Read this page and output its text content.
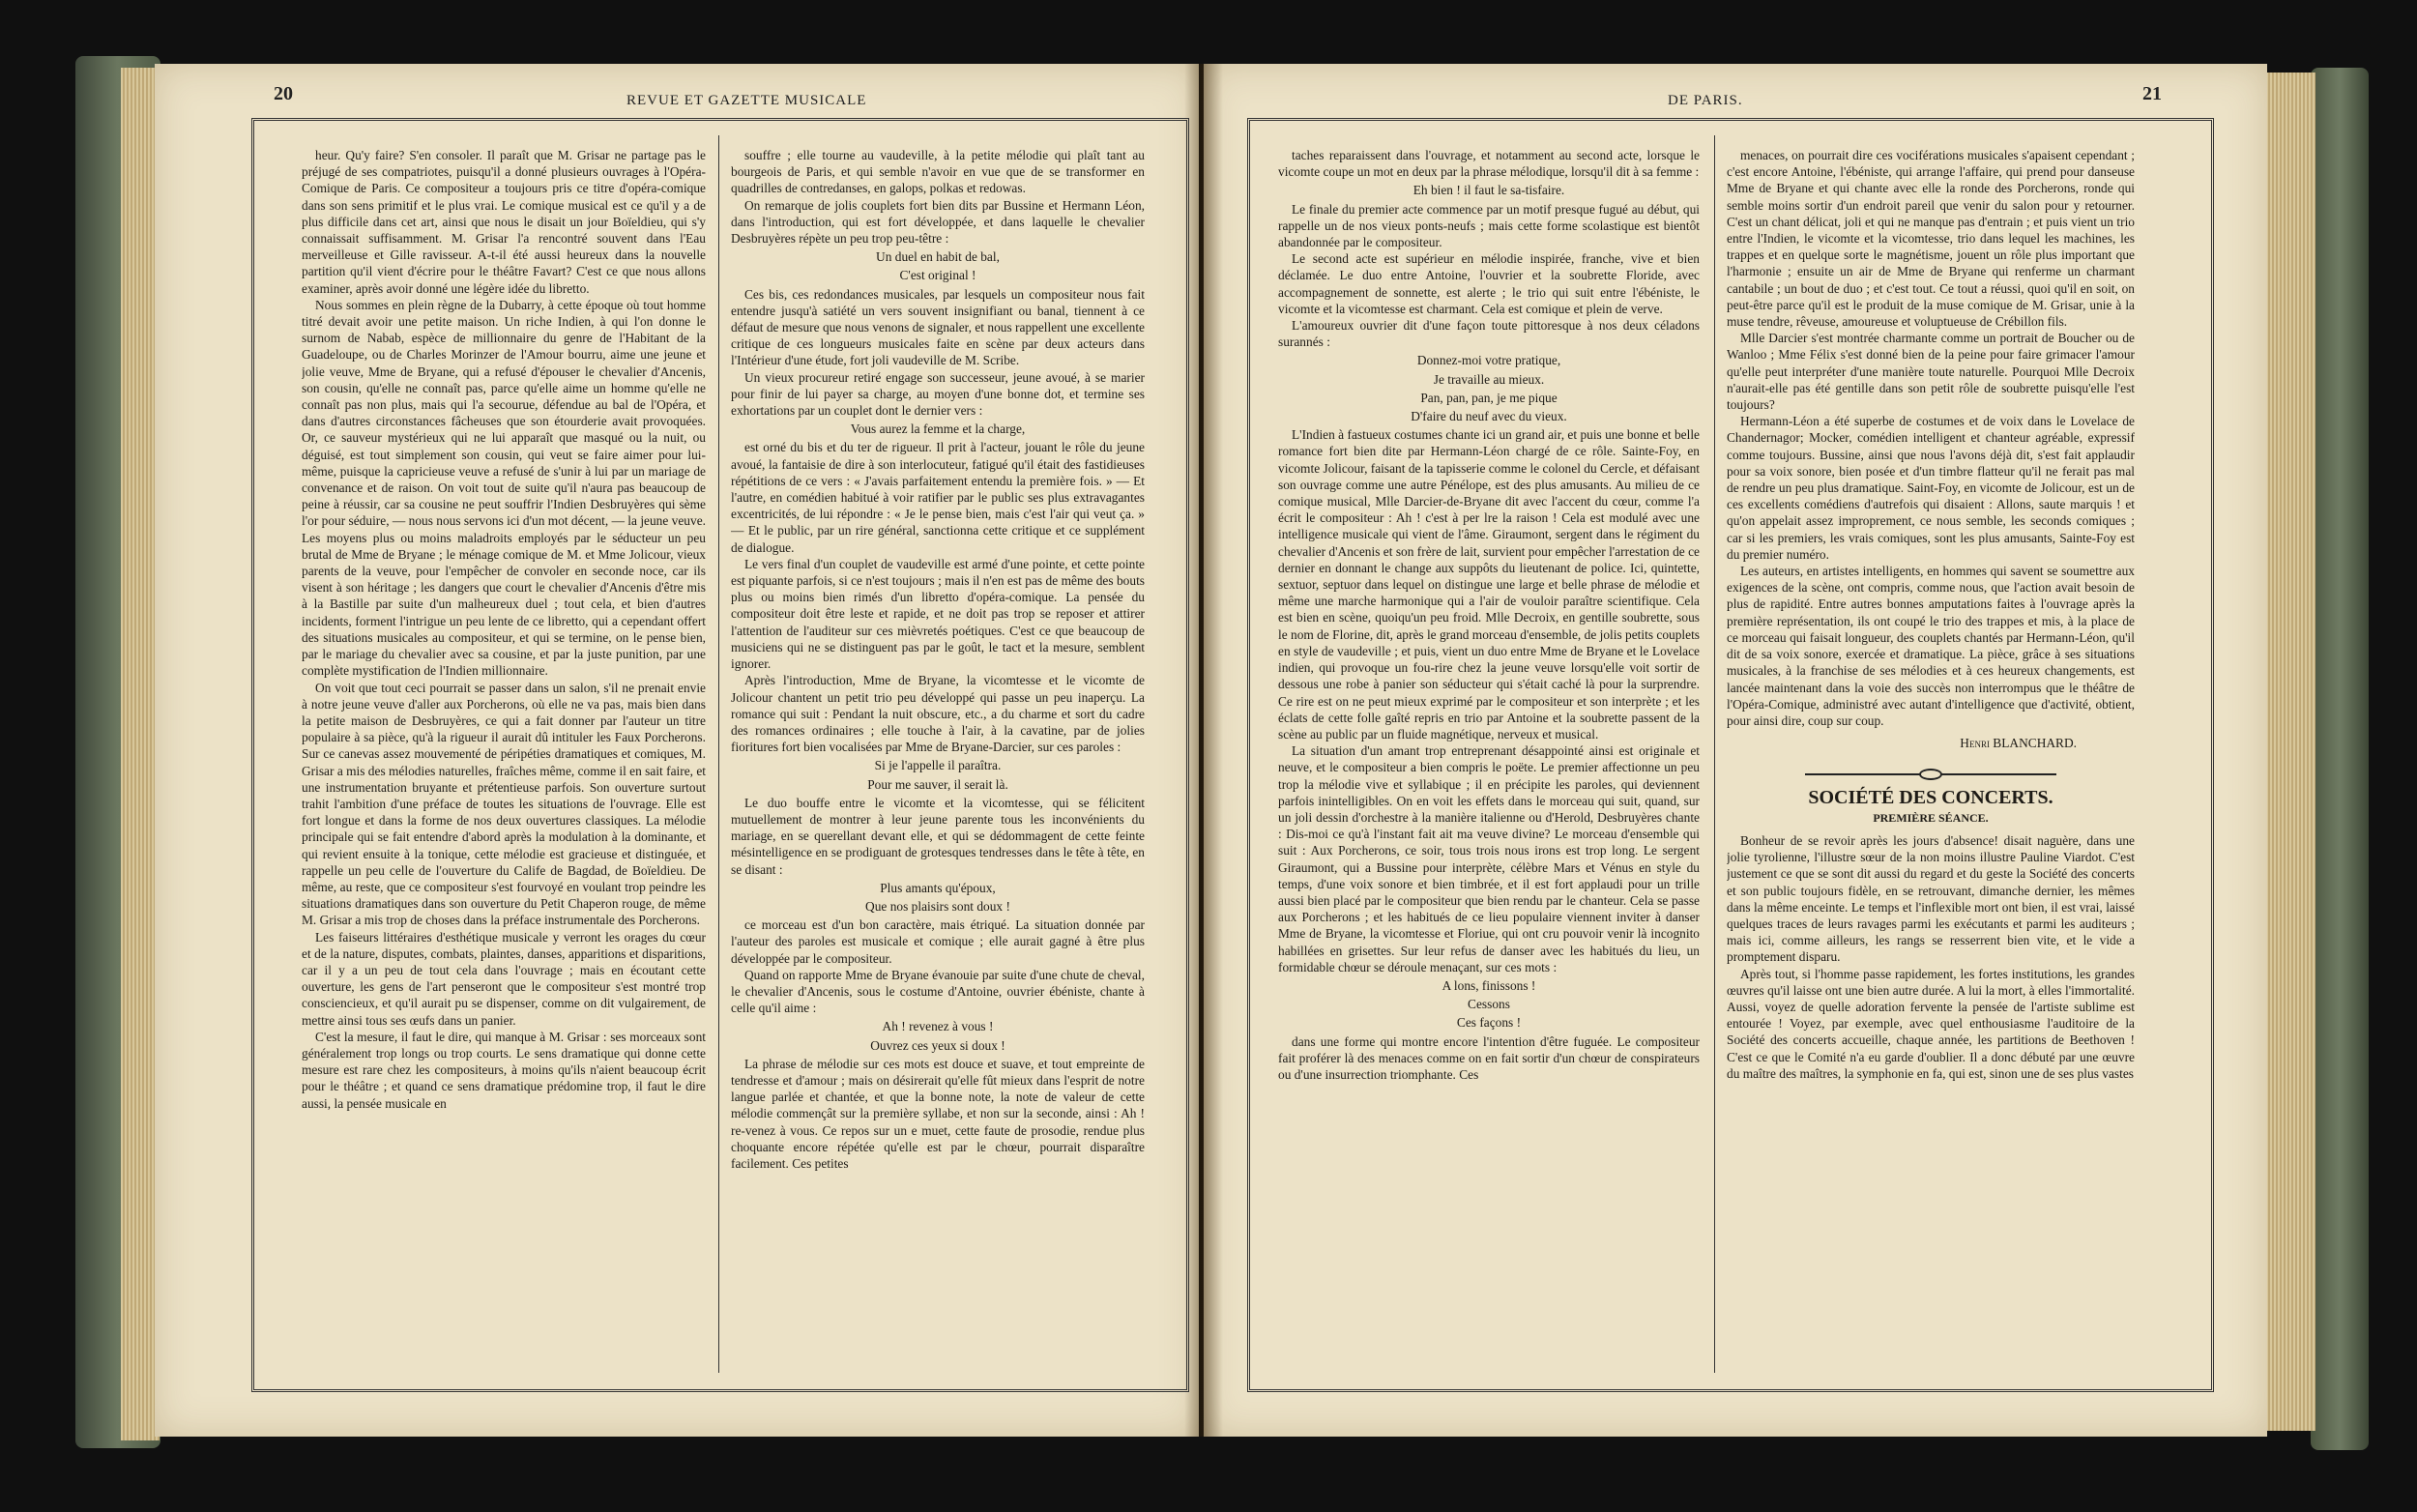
20	REVUE ET GAZETTE MUSICALE	DE PARIS.	21

heur. Qu'y faire? S'en consoler. Il paraît que M. Grisar ne partage pas le préjugé de ses compatriotes, puisqu'il a donné plusieurs ouvrages à l'Opéra-Comique de Paris. Ce compositeur a toujours pris ce titre d'opéra-comique dans son sens primitif et le plus vrai. Le comique musical est ce qu'il y a de plus difficile dans cet art, ainsi que nous le disait un jour Boïeldieu, qui s'y connaissait suffisamment. M. Grisar l'a rencontré souvent dans l'Eau merveilleuse et Gille ravisseur. A-t-il été aussi heureux dans la nouvelle partition qu'il vient d'écrire pour le théâtre Favart? C'est ce que nous allons examiner, après avoir donné une légère idée du libretto.

Nous sommes en plein règne de la Dubarry, à cette époque où tout homme titré devait avoir une petite maison. Un riche Indien, à qui l'on donne le surnom de Nabab, espèce de millionnaire du genre de l'Habitant de la Guadeloupe, ou de Charles Morinzer de l'Amour bourru, aime une jeune et jolie veuve, Mme de Bryane, qui a refusé d'épouser le chevalier d'Ancenis, son cousin, qu'elle ne connaît pas, parce qu'elle aime un homme qu'elle ne connaît pas non plus, mais qui l'a secourue, défendue au bal de l'Opéra, et dans d'autres circonstances fâcheuses que son étourderie avait provoquées. Or, ce sauveur mystérieux qui ne lui apparaît que masqué ou la nuit, ou déguisé, est tout simplement son cousin, qui veut se faire aimer pour lui-même, puisque la capricieuse veuve a refusé de s'unir à lui par un mariage de convenance et de raison. On voit tout de suite qu'il n'aura pas beaucoup de peine à réussir, car sa cousine ne peut souffrir l'Indien Desbruyères qui sème l'or pour séduire, — nous nous servons ici d'un mot décent, — la jeune veuve. Les moyens plus ou moins maladroits employés par le séducteur un peu brutal de Mme de Bryane ; le ménage comique de M. et Mme Jolicour, vieux parents de la veuve, pour l'empêcher de convoler en seconde noce, car ils visent à son héritage ; les dangers que court le chevalier d'Ancenis d'être mis à la Bastille par suite d'un malheureux duel ; tout cela, et bien d'autres incidents, forment l'intrigue un peu lente de ce libretto, qui a cependant offert des situations musicales au compositeur, et qui se termine, on le pense bien, par le mariage du chevalier avec sa cousine, et par la juste punition, par une complète mystification de l'Indien millionnaire.

On voit que tout ceci pourrait se passer dans un salon, s'il ne prenait envie à notre jeune veuve d'aller aux Porcherons, où elle ne va pas, mais bien dans la petite maison de Desbruyères, ce qui a fait donner par l'auteur un titre populaire à sa pièce, qu'à la rigueur il aurait dû intituler les Faux Porcherons. Sur ce canevas assez mouvementé de péripéties dramatiques et comiques, M. Grisar a mis des mélodies naturelles, fraîches même, comme il en sait faire, et une instrumentation bruyante et prétentieuse parfois. Son ouverture surtout trahit l'ambition d'une préface de toutes les situations de l'ouvrage. Elle est fort longue et dans la forme de nos deux ouvertures classiques. La mélodie principale qui se fait entendre d'abord après la modulation à la dominante, et qui revient ensuite à la tonique, cette mélodie est gracieuse et distinguée, et rappelle un peu celle de l'ouverture du Calife de Bagdad, de Boïeldieu. De même, au reste, que ce compositeur s'est fourvoyé en voulant trop peindre les situations dramatiques dans son ouverture du Petit Chaperon rouge, de même M. Grisar a mis trop de choses dans la préface instrumentale des Porcherons.

Les faiseurs littéraires d'esthétique musicale y verront les orages du cœur et de la nature, disputes, combats, plaintes, danses, apparitions et disparitions, car il y a un peu de tout cela dans l'ouvrage ; mais en écoutant cette ouverture, les gens de l'art penseront que le compositeur s'est montré trop consciencieux, et qu'il aurait pu se dispenser, comme on dit vulgairement, de mettre ainsi tous ses œufs dans un panier.

C'est la mesure, il faut le dire, qui manque à M. Grisar : ses morceaux sont généralement trop longs ou trop courts. Le sens dramatique qui donne cette mesure est rare chez les compositeurs, à moins qu'ils n'aient beaucoup écrit pour le théâtre ; et quand ce sens dramatique prédomine trop, il faut le dire aussi, la pensée musicale en

souffre ; elle tourne au vaudeville, à la petite mélodie qui plaît tant au bourgeois de Paris, et qui semble n'avoir en vue que de se transformer en quadrilles de contredanses, en galops, polkas et redowas.

On remarque de jolis couplets fort bien dits par Bussine et Hermann Léon, dans l'introduction, qui est fort développée, et dans laquelle le chevalier Desbruyères répète un peu trop peu-têtre :

Un duel en habit de bal,

C'est original !

Ces bis, ces redondances musicales, par lesquels un compositeur nous fait entendre jusqu'à satiété un vers souvent insignifiant ou banal, tiennent à ce défaut de mesure que nous venons de signaler, et nous rappellent une excellente critique de ces longueurs musicales faite en scène par deux acteurs dans l'Intérieur d'une étude, fort joli vaudeville de M. Scribe.

Un vieux procureur retiré engage son successeur, jeune avoué, à se marier pour finir de lui payer sa charge, au moyen d'une bonne dot, et termine ses exhortations par un couplet dont le dernier vers :

Vous aurez la femme et la charge,

est orné du bis et du ter de rigueur. Il prit à l'acteur, jouant le rôle du jeune avoué, la fantaisie de dire à son interlocuteur, fatigué qu'il était des fastidieuses répétitions de ce vers : « J'avais parfaitement entendu la première fois. » — Et l'autre, en comédien habitué à voir ratifier par le public ses plus extravagantes excentricités, de lui répondre : « Je le pense bien, mais c'est l'air qui veut ça. » — Et le public, par un rire général, sanctionna cette critique et ce supplément de dialogue.

Le vers final d'un couplet de vaudeville est armé d'une pointe, et cette pointe est piquante parfois, si ce n'est toujours ; mais il n'en est pas de même des bouts plus ou moins bien rimés d'un libretto d'opéra-comique. La pensée du compositeur doit être leste et rapide, et ne doit pas trop se reposer et attirer l'attention de l'auditeur sur ces mièvretés poétiques. C'est ce que beaucoup de musiciens qui ne se distinguent pas par le goût, le tact et la mesure, semblent ignorer.

Après l'introduction, Mme de Bryane, la vicomtesse et le vicomte de Jolicour chantent un petit trio peu développé qui passe un peu inaperçu. La romance qui suit : Pendant la nuit obscure, etc., a du charme et sort du cadre des romances ordinaires ; elle touche à l'air, à la cavatine, par de jolies fioritures fort bien vocalisées par Mme de Bryane-Darcier, sur ces paroles :

Si je l'appelle il paraîtra.

Pour me sauver, il serait là.

Le duo bouffe entre le vicomte et la vicomtesse, qui se félicitent mutuellement de montrer à leur jeune parente tous les inconvénients du mariage, en se querellant devant elle, et qui se dédommagent de cette feinte mésintelligence en se prodiguant de grotesques tendresses dans le tête à tête, en se disant :

Plus amants qu'époux,

Que nos plaisirs sont doux !

ce morceau est d'un bon caractère, mais étriqué. La situation donnée par l'auteur des paroles est musicale et comique ; elle aurait gagné à être plus développée par le compositeur.

Quand on rapporte Mme de Bryane évanouie par suite d'une chute de cheval, le chevalier d'Ancenis, sous le costume d'Antoine, ouvrier ébéniste, chante à celle qu'il aime :

Ah ! revenez à vous !

Ouvrez ces yeux si doux !

La phrase de mélodie sur ces mots est douce et suave, et tout empreinte de tendresse et d'amour ; mais on désirerait qu'elle fût mieux dans l'esprit de notre langue parlée et chantée, et que la bonne note, la note de valeur de cette mélodie commençât sur la première syllabe, et non sur la seconde, ainsi : Ah ! re-venez à vous. Ce repos sur un e muet, cette faute de prosodie, rendue plus choquante encore répétée qu'elle est par le chœur, pourrait disparaître facilement. Ces petites

taches reparaissent dans l'ouvrage, et notamment au second acte, lorsque le vicomte coupe un mot en deux par la phrase mélodique, lorsqu'il dit à sa femme :

Eh bien ! il faut le sa-tisfaire.

Le finale du premier acte commence par un motif presque fugué au début, qui rappelle un de nos vieux ponts-neufs ; mais cette forme scolastique est bientôt abandonnée par le compositeur.

Le second acte est supérieur en mélodie inspirée, franche, vive et bien déclamée. Le duo entre Antoine, l'ouvrier et la soubrette Floride, avec accompagnement de sonnette, est alerte ; le trio qui suit entre l'ébéniste, le vicomte et la vicomtesse est charmant. Cela est comique et plein de verve.

L'amoureux ouvrier dit d'une façon toute pittoresque à nos deux céladons surannés :

Donnez-moi votre pratique,

Je travaille au mieux.

Pan, pan, pan, je me pique

D'faire du neuf avec du vieux.

L'Indien à fastueux costumes chante ici un grand air, et puis une bonne et belle romance fort bien dite par Hermann-Léon chargé de ce rôle. Sainte-Foy, en vicomte Jolicour, faisant de la tapisserie comme le colonel du Cercle, et défaisant son ouvrage comme une autre Pénélope, est des plus amusants. Au milieu de ce comique musical, Mlle Darcier-de-Bryane dit avec l'accent du cœur, comme l'a écrit le compositeur : Ah ! c'est à per lre la raison ! Cela est modulé avec une intelligence musicale qui vient de l'âme. Giraumont, sergent dans le régiment du chevalier d'Ancenis et son frère de lait, survient pour empêcher l'arrestation de ce dernier en donnant le change aux suppôts du lieutenant de police. Ici, quintette, sextuor, septuor dans lequel on distingue une large et belle phrase de mélodie et même une marche harmonique qui a l'air de vouloir paraître scientifique. Cela est bien en scène, quoiqu'un peu froid. Mlle Decroix, en gentille soubrette, sous le nom de Florine, dit, après le grand morceau d'ensemble, de jolis petits couplets en style de vaudeville ; et puis, vient un duo entre Mme de Bryane et le Lovelace indien, qui provoque un fou-rire chez la jeune veuve lorsqu'elle voit sortir de dessous une robe à panier son séducteur qui s'était caché là pour la surprendre. Ce rire est on ne peut mieux exprimé par le compositeur et son interprète ; et les éclats de cette folle gaîté repris en trio par Antoine et la soubrette passent de la scène au public par un fluide magnétique, nerveux et musical.

La situation d'un amant trop entreprenant désappointé ainsi est originale et neuve, et le compositeur a bien compris le poëte. Le premier affectionne un peu trop la mélodie vive et syllabique ; il en précipite les paroles, qui deviennent parfois inintelligibles. On en voit les effets dans le morceau qui suit, quand, sur un joli dessin d'orchestre à la manière italienne ou d'Herold, Desbruyères chante : Dis-moi ce qu'à l'instant fait ait ma veuve divine? Le morceau d'ensemble qui suit : Aux Porcherons, ce soir, tous trois nous irons est trop long. Le sergent Giraumont, qui a Bussine pour interprète, célèbre Mars et Vénus en style du temps, d'une voix sonore et bien timbrée, et il est fort applaudi pour un trille aussi bien placé par le compositeur que bien rendu par le chanteur. Cela se passe aux Porcherons ; et les habitués de ce lieu populaire viennent inviter à danser Mme de Bryane, la vicomtesse et Floriue, qui ont cru pouvoir venir là incognito habillées en grisettes. Sur leur refus de danser avec les habitués du lieu, un formidable chœur se déroule menaçant, sur ces mots :

A lons, finissons !

Cessons

Ces façons !

dans une forme qui montre encore l'intention d'être fuguée. Le compositeur fait proférer là des menaces comme on en fait sortir d'un chœur de conspirateurs ou d'une insurrection triomphante. Ces

menaces, on pourrait dire ces vociférations musicales s'apaisent cependant ; c'est encore Antoine, l'ébéniste, qui arrange l'affaire, qui prend pour danseuse Mme de Bryane et qui chante avec elle la ronde des Porcherons, ronde qui semble moins sortir d'un endroit pareil que venir du salon pour y retourner. C'est un chant délicat, joli et qui ne manque pas d'entrain ; et puis vient un trio entre l'Indien, le vicomte et la vicomtesse, trio dans lequel les machines, les trappes et en quelque sorte le magnétisme, jouent un rôle plus important que l'harmonie ; ensuite un air de Mme de Bryane qui renferme un charmant cantabile ; un bout de duo ; et c'est tout. Ce tout a réussi, quoi qu'il en soit, on peut-être parce qu'il est le produit de la muse comique de M. Grisar, unie à la muse tendre, rêveuse, amoureuse et voluptueuse de Crébillon fils.

Mlle Darcier s'est montrée charmante comme un portrait de Boucher ou de Wanloo ; Mme Félix s'est donné bien de la peine pour faire grimacer l'amour qu'elle peut interpréter d'une manière toute naturelle. Pourquoi Mlle Decroix n'aurait-elle pas été gentille dans son petit rôle de soubrette puisqu'elle l'est toujours?

Hermann-Léon a été superbe de costumes et de voix dans le Lovelace de Chandernagor; Mocker, comédien intelligent et chanteur agréable, expressif comme toujours. Bussine, ainsi que nous l'avons déjà dit, s'est fait applaudir pour sa voix sonore, bien posée et d'un timbre flatteur qu'il ne ferait pas mal de rendre un peu plus dramatique. Saint-Foy, en vicomte de Jolicour, est un de ces excellents comédiens d'autrefois qui disaient : Allons, saute marquis ! et qu'on appelait assez improprement, ce nous semble, les seconds comiques ; car si les premiers, les vrais comiques, sont les plus amusants, Sainte-Foy est du premier numéro.

Les auteurs, en artistes intelligents, en hommes qui savent se soumettre aux exigences de la scène, ont compris, comme nous, que l'action avait besoin de plus de rapidité. Entre autres bonnes amputations faites à l'ouvrage après la première représentation, ils ont coupé le trio des trappes et mis, à la place de ce morceau qui faisait longueur, des couplets chantés par Hermann-Léon, qu'il dit de sa voix sonore, exercée et dramatique. La pièce, grâce à ses situations musicales, à la franchise de ses mélodies et à ces heureux changements, est lancée maintenant dans la voie des succès non interrompus que le théâtre de l'Opéra-Comique, administré avec autant d'intelligence que d'activité, obtient, pour ainsi dire, coup sur coup.

Henri BLANCHARD.

SOCIÉTÉ DES CONCERTS.

PREMIÈRE SÉANCE.

Bonheur de se revoir après les jours d'absence! disait naguère, dans une jolie tyrolienne, l'illustre sœur de la non moins illustre Pauline Viardot. C'est justement ce que se sont dit aussi du regard et du geste la Société des concerts et son public toujours fidèle, en se retrouvant, dimanche dernier, les mêmes dans la même enceinte. Le temps et l'inflexible mort ont bien, il est vrai, laissé quelques traces de leurs ravages parmi les exécutants et parmi les auditeurs ; mais ici, comme ailleurs, les rangs se resserrent bien vite, et le vide a promptement disparu.

Après tout, si l'homme passe rapidement, les fortes institutions, les grandes œuvres qu'il laisse ont une bien autre durée. A lui la mort, à elles l'immortalité. Aussi, voyez de quelle adoration fervente la pensée de l'artiste sublime est entourée ! Voyez, par exemple, avec quel enthousiasme l'auditoire de la Société des concerts accueille, chaque année, les partitions de Beethoven ! C'est ce que le Comité n'a eu garde d'oublier. Il a donc débuté par une œuvre du maître des maîtres, la symphonie en fa, qui est, sinon une de ses plus vastes
